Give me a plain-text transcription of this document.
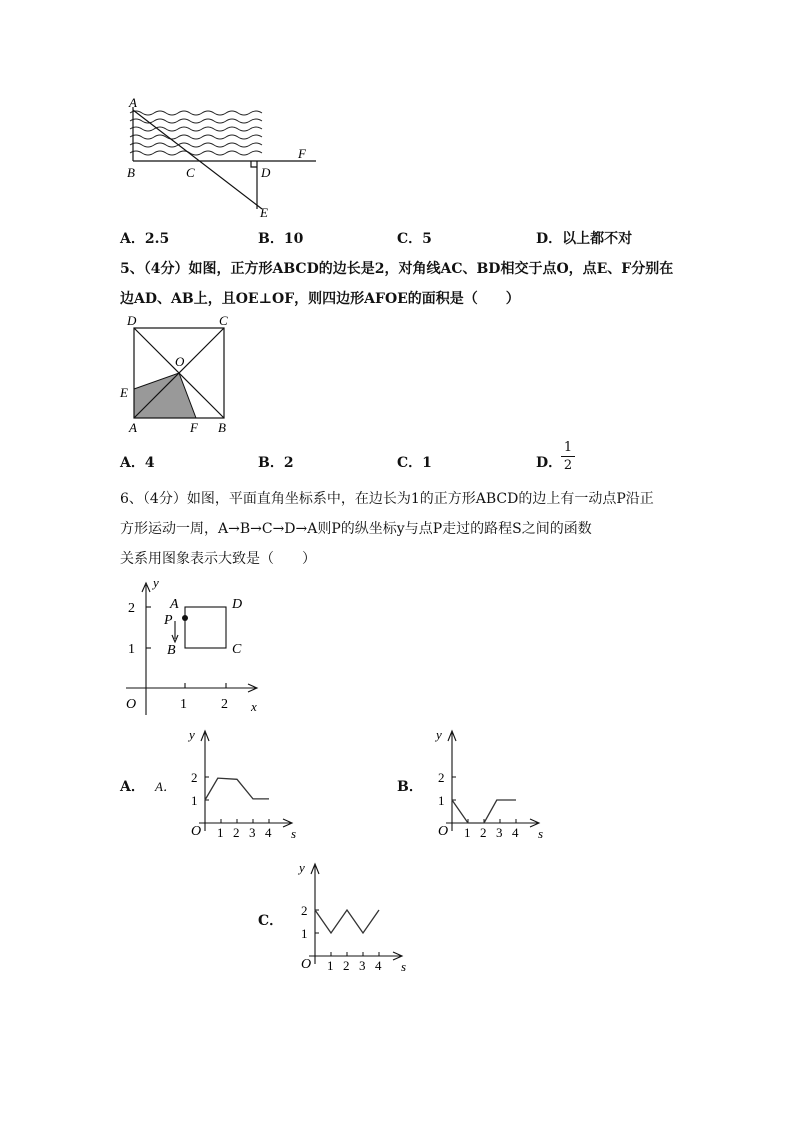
A
B	C	D
E
F
A．2.5	B．10	C．5	D．以上都不对
5、（4分）如图，正方形ABCD的边长是2，对角线AC、BD相交于点O，点E、F分别在
边AD、AB上，且OE⊥OF，则四边形AFOE的面积是（　　）
D	C
O
E
A	F B
A．4	B．2	C．1	D．
1
2
6、（4分）如图，平面直角坐标系中，在边长为1的正方形ABCD的边上有一动点P沿正
方形运动一周，A→B→C→D→A则P的纵坐标y与点P走过的路程S之间的函数
关系用图象表示大致是（　　）
y
x
O
2
1
1 2
A
P
B
D
C
A． A．
y
s
O 1 2 3 4
1
2
B．
y
s
O 1 2 3 4
1
2
C．
y
s
O 1 2 3 4
1
2
